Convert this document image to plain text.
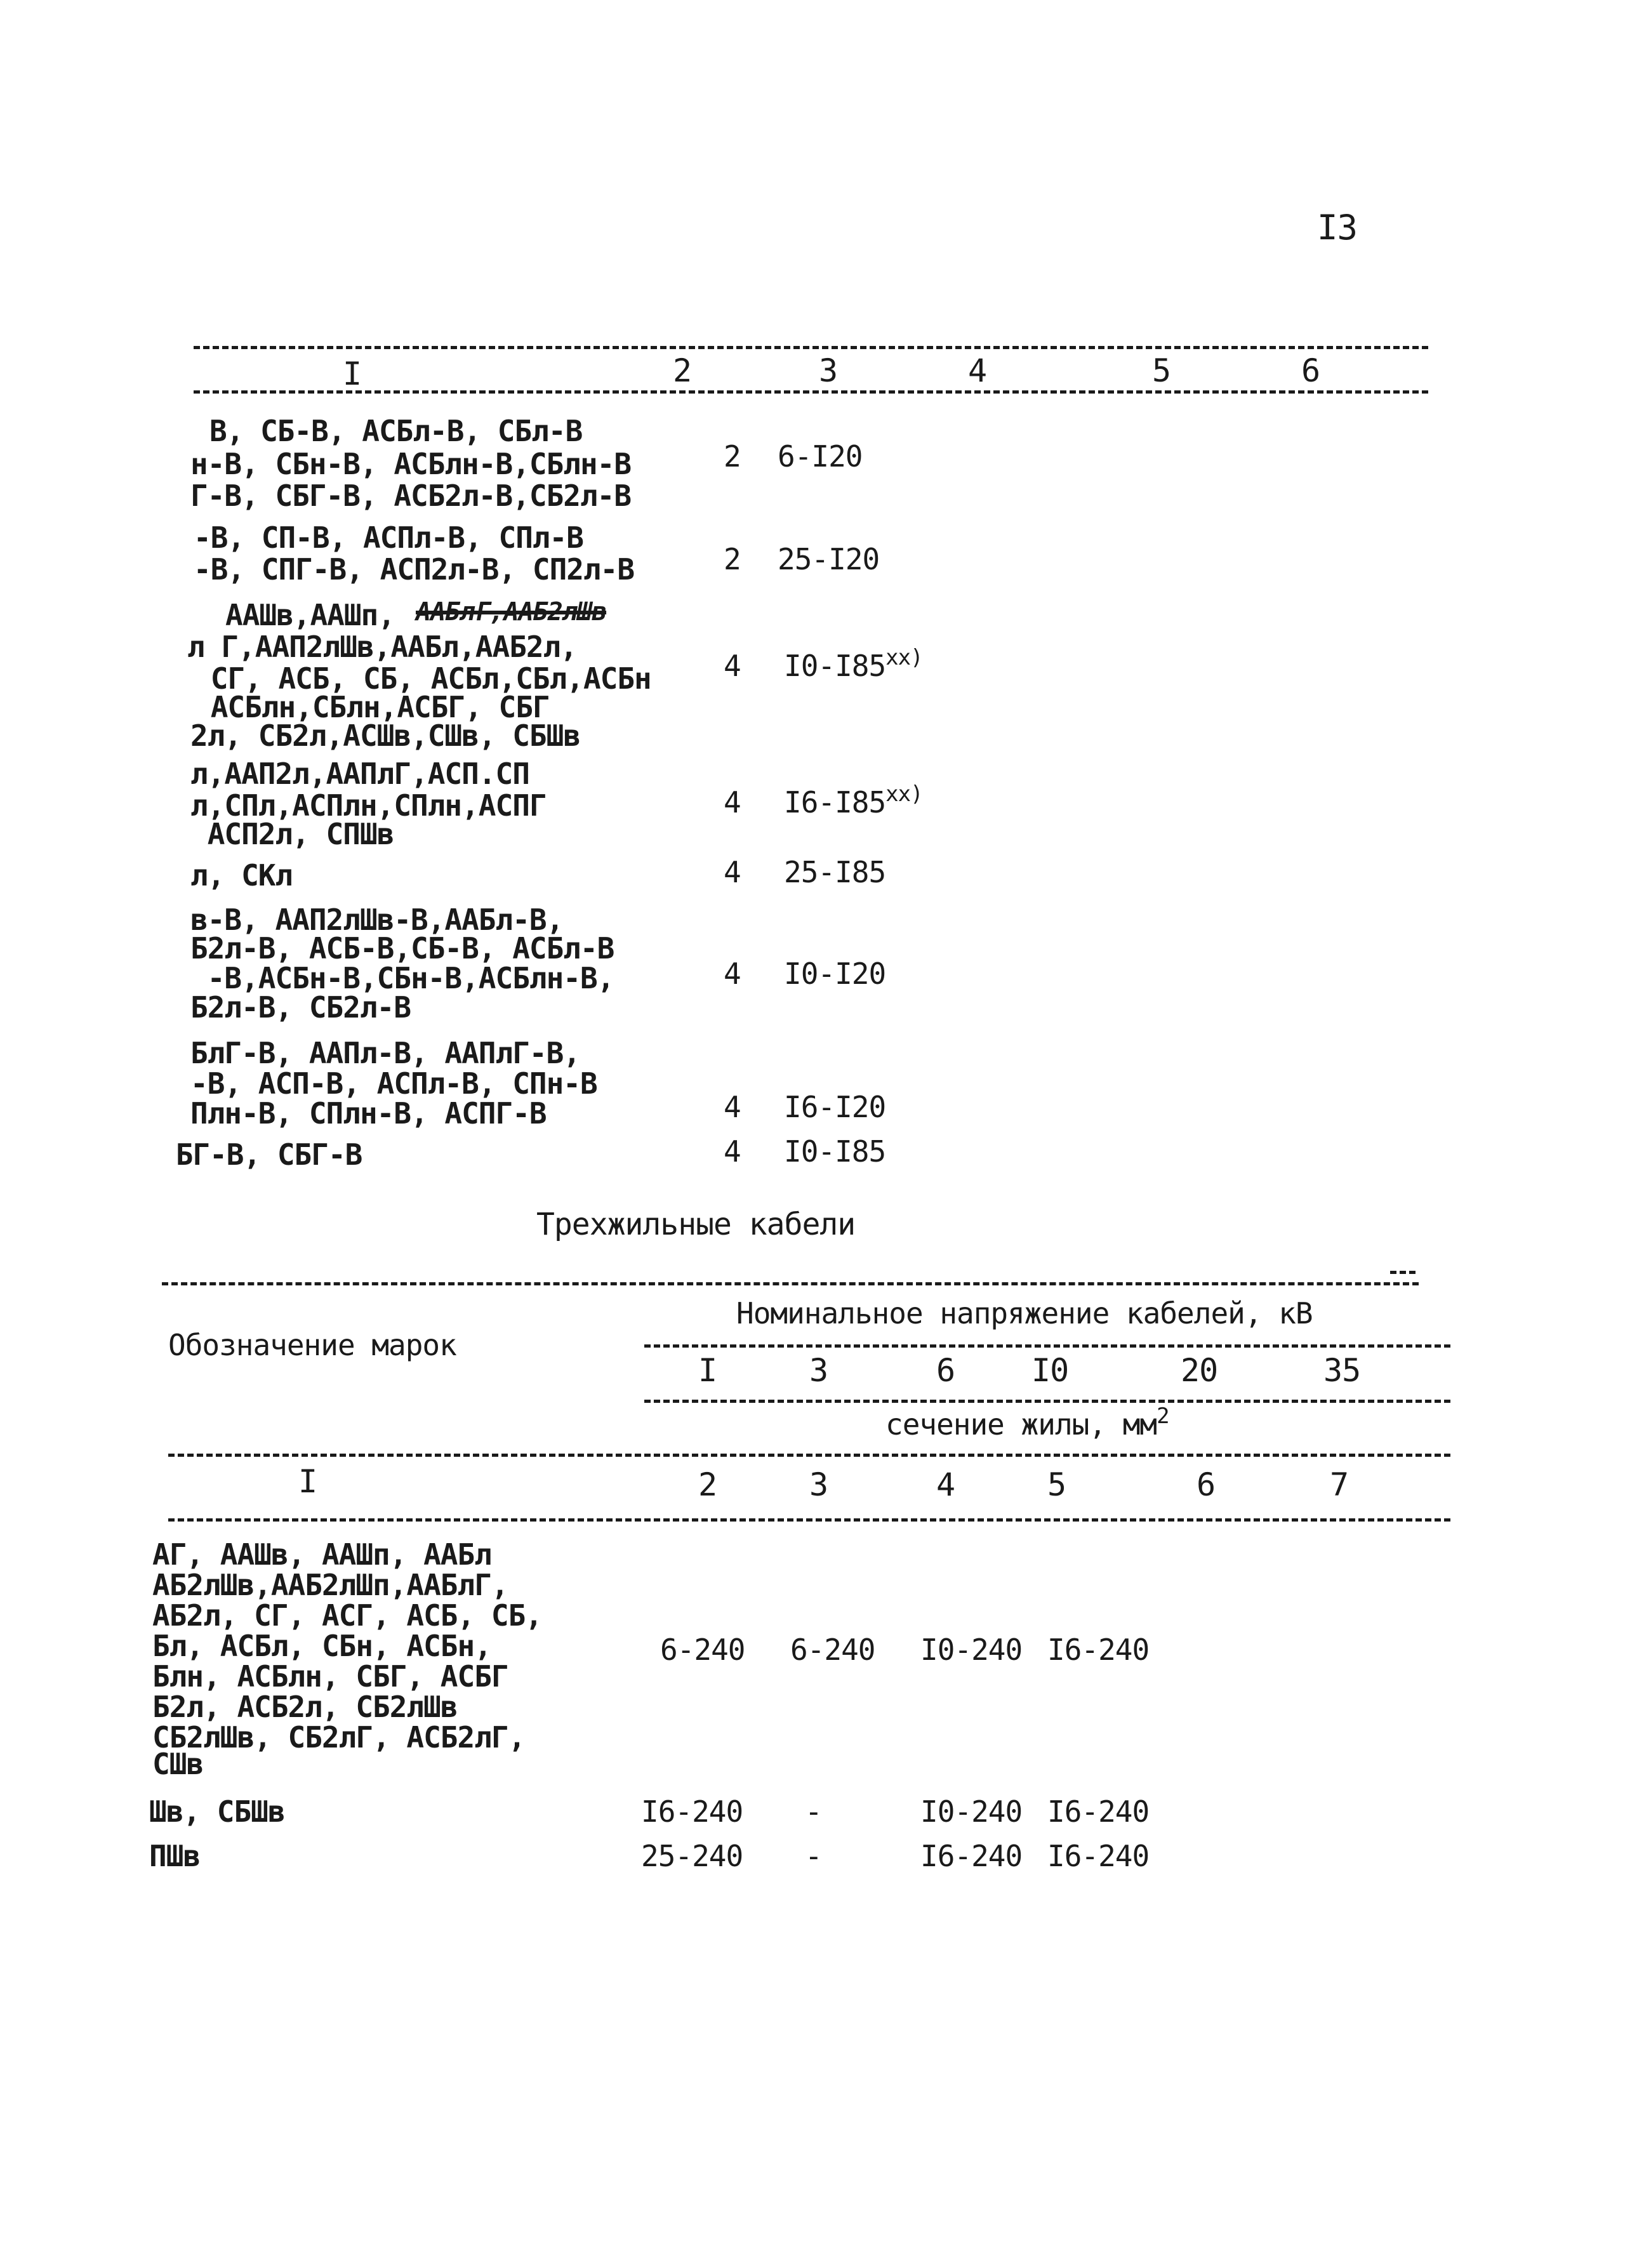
I3
I	2	3	4	5	6
В, СБ-В, АСБл-В, СБл-В
н-В, СБн-В, АСБлн-В,СБлн-В
Г-В, СБГ-В, АСБ2л-В,СБ2л-В
2 6-I20
-В, СП-В, АСПл-В, СПл-В
-В, СПГ-В, АСП2л-В, СП2л-В	2 25-I20
ААШв,ААШп, ААБлГ,ААБ2лШв
л Г,ААП2лШв,ААБл,ААБ2л,
СГ, АСБ, СБ, АСБл,СБл,АСБн
АСБлн,СБлн,АСБГ, СБГ
2л, СБ2л,АСШв,СШв, СБШв
4 I0-I85$^{xx)}$
л,ААП2л,ААПлГ,АСП.СП
л,СПл,АСПлн,СПлн,АСПГ
АСП2л, СПШв
4 I6-I85$^{xx)}$
л, СКл	4 25-I85
в-В, ААП2лШв-В,ААБл-В,
Б2л-В, АСБ-В,СБ-В, АСБл-В
-В,АСБн-В,СБн-В,АСБлн-В,
Б2л-В, СБ2л-В
4 I0-I20
БлГ-В, ААПл-В, ААПлГ-В,
-В, АСП-В, АСПл-В, СПн-В
Плн-В, СПлн-В, АСПГ-В	4 I6-I20
БГ-В, СБГ-В	4 I0-I85
Трехжильные кабели
Обозначение марок
Номинальное напряжение кабелей, кВ
I	3	6 I0	20	35
сечение жилы, $мм^2$
I	2	3	4	5	6	7
АГ, ААШв, ААШп, ААБл
АБ2лШв,ААБ2лШп,ААБлГ,
АБ2л, СГ, АСГ, АСБ, СБ,
Бл, АСБл, СБн, АСБн,
Блн, АСБлн, СБГ, АСБГ
Б2л, АСБ2л, СБ2лШв
СБ2лШв, СБ2лГ, АСБ2лГ,
СШв
6-240 6-240 I0-240 I6-240
Шв, СБШв	I6-240 -	I0-240 I6-240
ПШв	25-240 -	I6-240 I6-240
